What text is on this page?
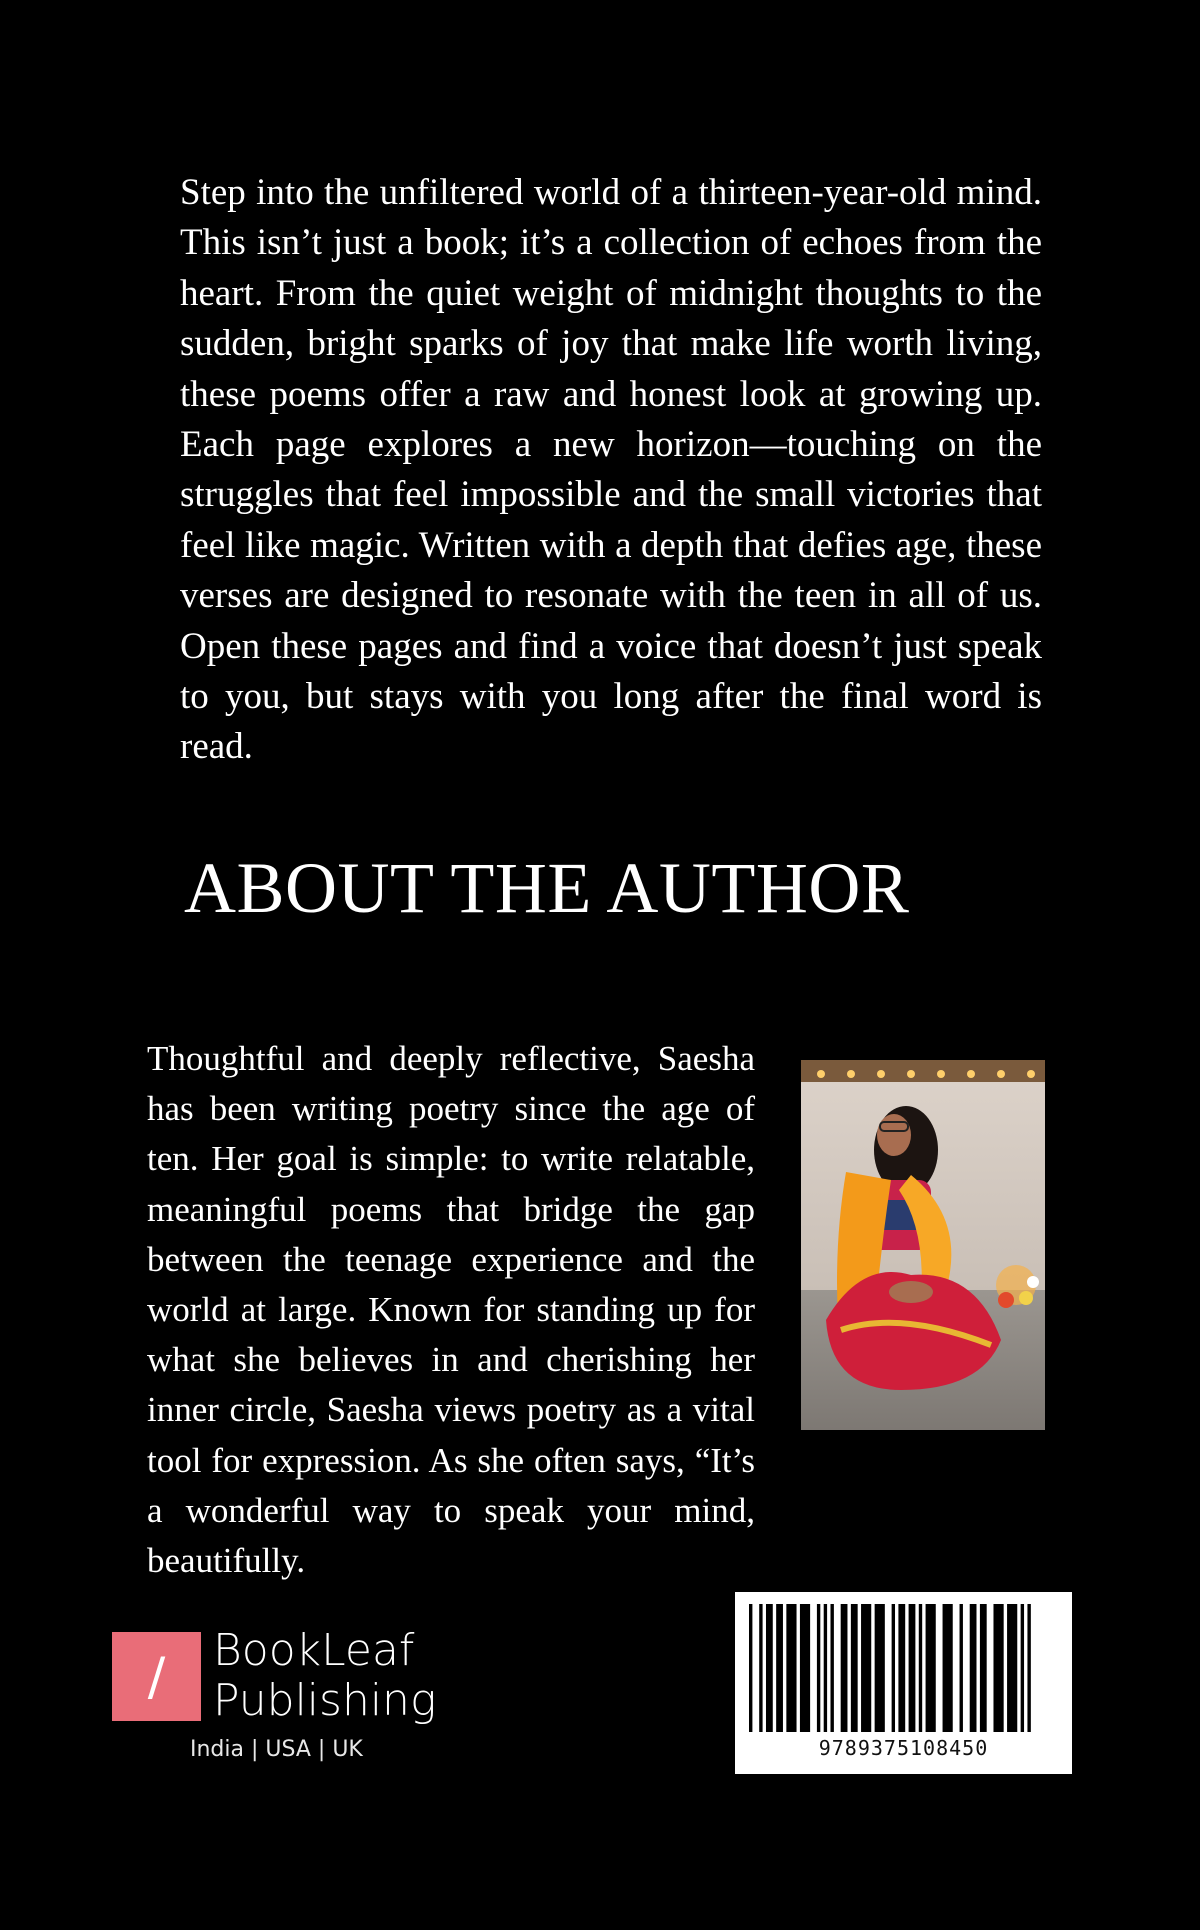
Step into the unfiltered world of a thirteen-year-old mind. This isn’t just a book; it’s a collection of echoes from the heart. From the quiet weight of midnight thoughts to the sudden, bright sparks of joy that make life worth living, these poems offer a raw and honest look at growing up. Each page explores a new horizon—touching on the struggles that feel impossible and the small victories that feel like magic. Written with a depth that defies age, these verses are designed to resonate with the teen in all of us. Open these pages and find a voice that doesn’t just speak to you, but stays with you long after the final word is read.
ABOUT THE AUTHOR
Thoughtful and deeply reflective, Saesha has been writing poetry since the age of ten. Her goal is simple: to write relatable, meaningful poems that bridge the gap between the teenage experience and the world at large. Known for standing up for what she believes in and cherishing her inner circle, Saesha views poetry as a vital tool for expression. As she often says, “It’s a wonderful way to speak your mind, beautifully.
/	BookLeaf
Publishing
India | USA | UK	9789375108450
